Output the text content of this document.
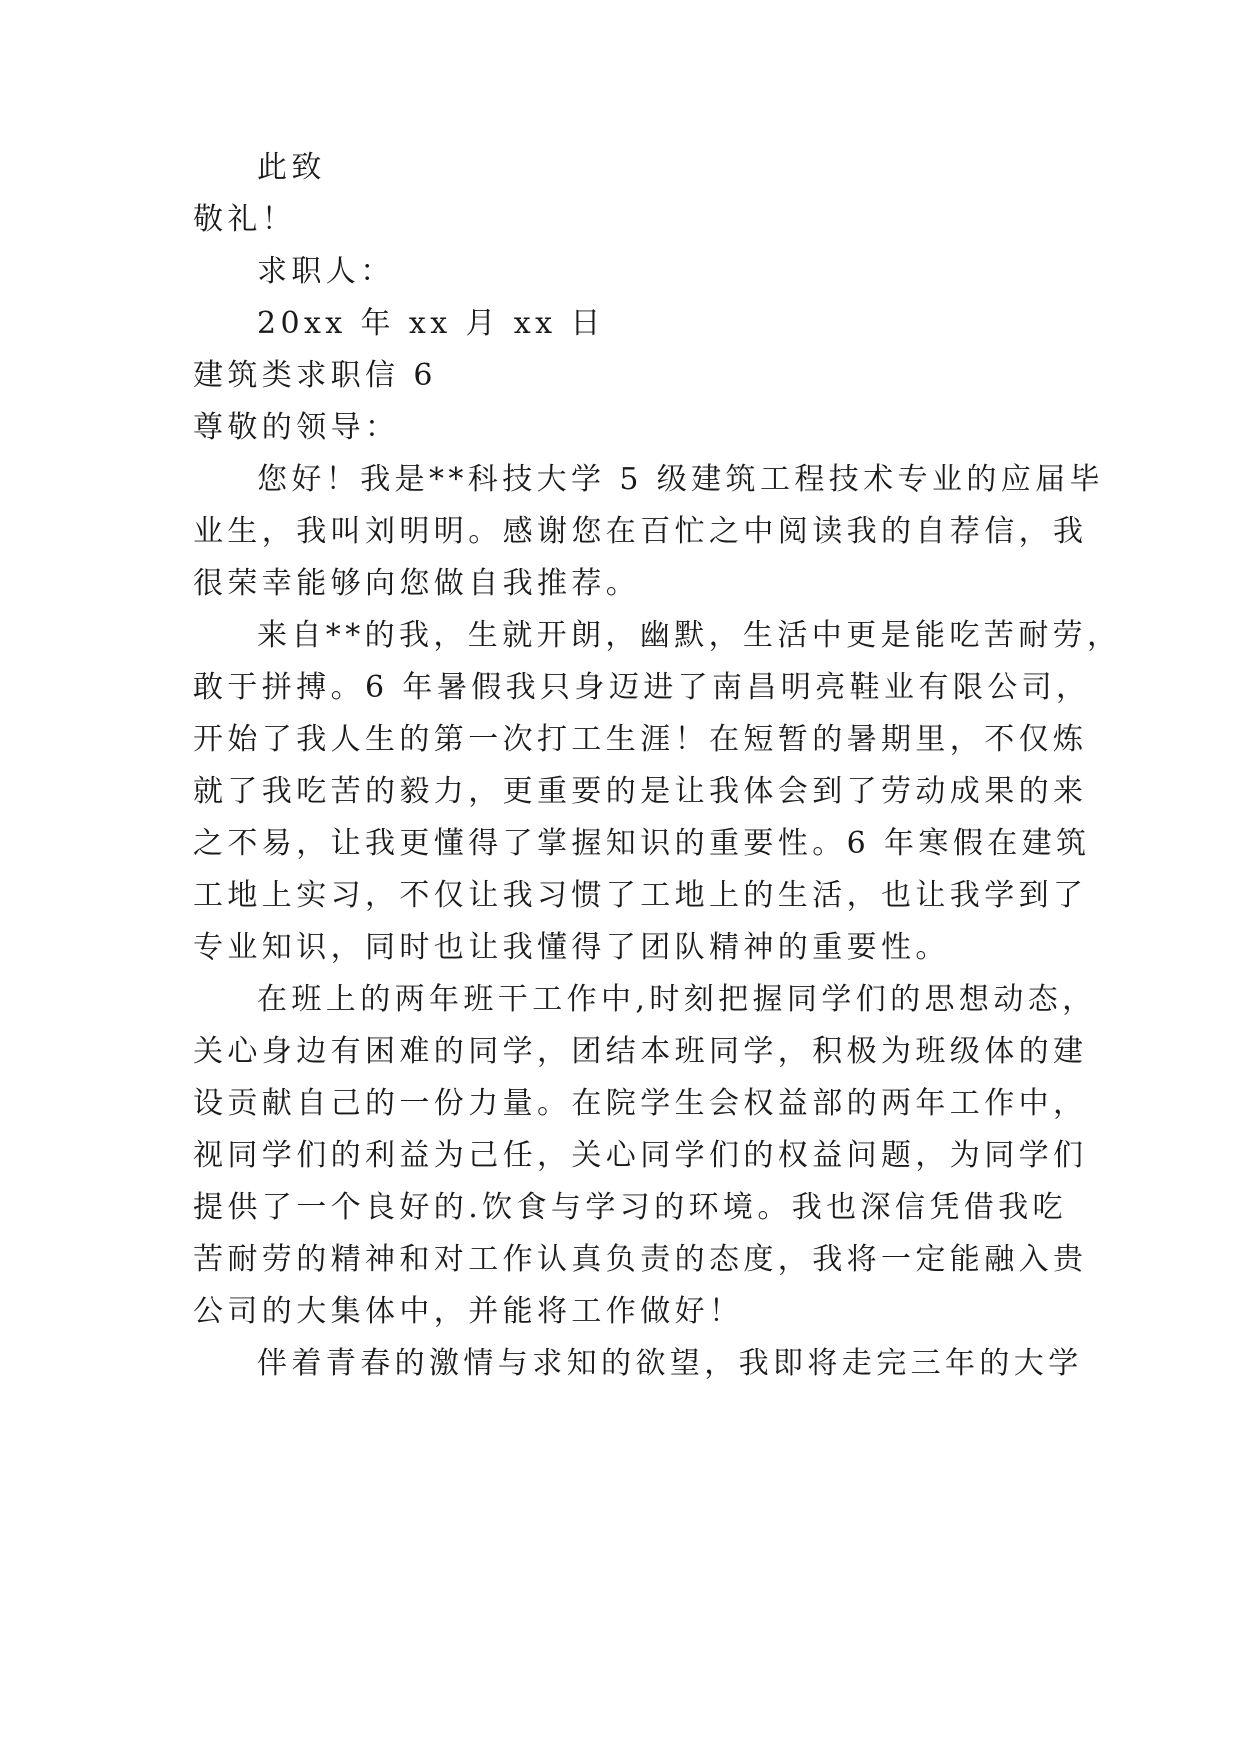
此致
敬礼！
求职人：
20xx 年 xx 月 xx 日
建筑类求职信 6
尊敬的领导：
您好！我是**科技大学 5 级建筑工程技术专业的应届毕
业生，我叫刘明明。感谢您在百忙之中阅读我的自荐信，我
很荣幸能够向您做自我推荐。
来自**的我，生就开朗，幽默，生活中更是能吃苦耐劳，
敢于拼搏。6 年暑假我只身迈进了南昌明亮鞋业有限公司，
开始了我人生的第一次打工生涯！在短暂的暑期里，不仅炼
就了我吃苦的毅力，更重要的是让我体会到了劳动成果的来
之不易，让我更懂得了掌握知识的重要性。6 年寒假在建筑
工地上实习，不仅让我习惯了工地上的生活，也让我学到了
专业知识，同时也让我懂得了团队精神的重要性。
在班上的两年班干工作中,时刻把握同学们的思想动态，
关心身边有困难的同学，团结本班同学，积极为班级体的建
设贡献自己的一份力量。在院学生会权益部的两年工作中，
视同学们的利益为己任，关心同学们的权益问题，为同学们
提供了一个良好的.饮食与学习的环境。我也深信凭借我吃
苦耐劳的精神和对工作认真负责的态度，我将一定能融入贵
公司的大集体中，并能将工作做好！
伴着青春的激情与求知的欲望，我即将走完三年的大学
